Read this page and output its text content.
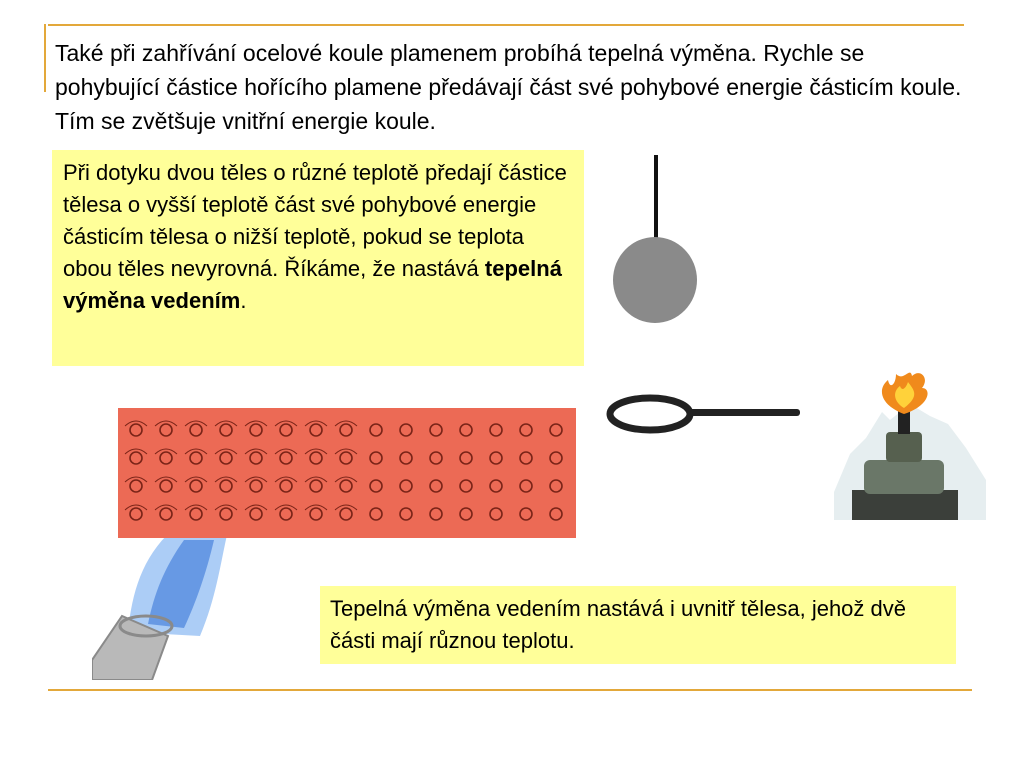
Také při zahřívání ocelové koule plamenem probíhá tepelná výměna. Rychle se pohybující částice hořícího plamene předávají část své pohybové energie částicím koule. Tím se zvětšuje vnitřní energie koule.

Při dotyku dvou těles o různé teplotě předají částice tělesa o vyšší teplotě část své pohybové energie částicím tělesa o nižší teplotě, pokud se teplota obou těles nevyrovná. Říkáme, že nastává tepelná výměna vedením.

Tepelná výměna vedením nastává i uvnitř tělesa, jehož dvě části mají různou teplotu.
